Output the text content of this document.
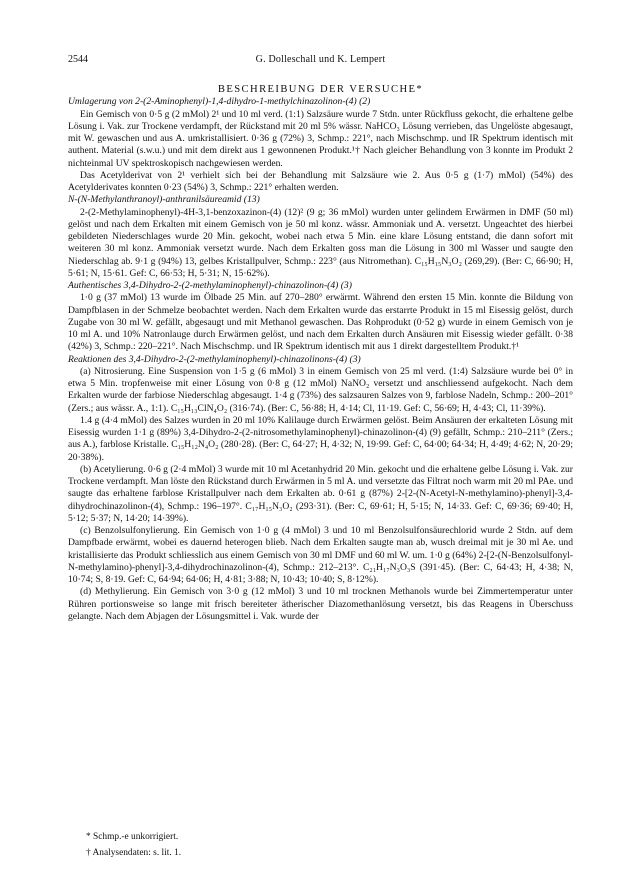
2544	G. Dolleschall und K. Lempert

BESCHREIBUNG DER VERSUCHE*

Umlagerung von 2-(2-Aminophenyl)-1,4-dihydro-1-methylchinazolinon-(4) (2)

Ein Gemisch von 0·5 g (2 mMol) 2¹ und 10 ml verd. (1:1) Salzsäure wurde 7 Stdn. unter Rückfluss gekocht, die erhaltene gelbe Lösung i. Vak. zur Trockene verdampft, der Rückstand mit 20 ml 5% wässr. NaHCO₃ Lösung verrieben, das Ungelöste abgesaugt, mit W. gewaschen und aus A. umkristallisiert. 0·36 g (72%) 3, Schmp.: 221°, nach Mischschmp. und IR Spektrum identisch mit authent. Material (s.w.u.) und mit dem direkt aus 1 gewonnenen Produkt.¹† Nach gleicher Behandlung von 3 konnte im Produkt 2 nichteinmal UV spektroskopisch nachgewiesen werden.

Das Acetylderivat von 2¹ verhielt sich bei der Behandlung mit Salzsäure wie 2. Aus 0·5 g (1·7) mMol) (54%) des Acetylderivates konnten 0·23 (54%) 3, Schmp.: 221° erhalten werden.

N-(N-Methylanthranoyl)-anthranilsäureamid (13)

2-(2-Methylaminophenyl)-4H-3,1-benzoxazinon-(4) (12)² (9 g; 36 mMol) wurden unter gelindem Erwärmen in DMF (50 ml) gelöst und nach dem Erkalten mit einem Gemisch von je 50 ml konz. wässr. Ammoniak und A. versetzt. Ungeachtet des hierbei gebildeten Niederschlages wurde 20 Min. gekocht, wobei nach etwa 5 Min. eine klare Lösung entstand, die dann sofort mit weiteren 30 ml konz. Ammoniak versetzt wurde. Nach dem Erkalten goss man die Lösung in 300 ml Wasser und saugte den Niederschlag ab. 9·1 g (94%) 13, gelbes Kristallpulver, Schmp.: 223° (aus Nitromethan). C₁₅H₁₅N₃O₂ (269,29). (Ber: C, 66·90; H, 5·61; N, 15·61. Gef: C, 66·53; H, 5·31; N, 15·62%).

Authentisches 3,4-Dihydro-2-(2-methylaminophenyl)-chinazolinon-(4) (3)

1·0 g (37 mMol) 13 wurde im Ölbade 25 Min. auf 270–280° erwärmt. Während den ersten 15 Min. konnte die Bildung von Dampfblasen in der Schmelze beobachtet werden. Nach dem Erkalten wurde das erstarrte Produkt in 15 ml Eisessig gelöst, durch Zugabe von 30 ml W. gefällt, abgesaugt und mit Methanol gewaschen. Das Rohprodukt (0·52 g) wurde in einem Gemisch von je 10 ml A. und 10% Natronlauge durch Erwärmen gelöst, und nach dem Erkalten durch Ansäuren mit Eisessig wieder gefällt. 0·38 (42%) 3, Schmp.: 220–221°. Nach Mischschmp. und IR Spektrum identisch mit aus 1 direkt dargestelltem Produkt.†¹

Reaktionen des 3,4-Dihydro-2-(2-methylaminophenyl)-chinazolinons-(4) (3)

(a) Nitrosierung. Eine Suspension von 1·5 g (6 mMol) 3 in einem Gemisch von 25 ml verd. (1:4) Salzsäure wurde bei 0° in etwa 5 Min. tropfenweise mit einer Lösung von 0·8 g (12 mMol) NaNO₂ versetzt und anschliessend aufgekocht. Nach dem Erkalten wurde der farbiose Niederschlag abgesaugt. 1·4 g (73%) des salzsauren Salzes von 9, farblose Nadeln, Schmp.: 200–201° (Zers.; aus wässr. A., 1:1). C₁₅H₁₃ClN₄O₂ (316·74). (Ber: C, 56·88; H, 4·14; Cl, 11·19. Gef: C, 56·69; H, 4·43; Cl, 11·39%).

1.4 g (4·4 mMol) des Salzes wurden in 20 ml 10% Kalilauge durch Erwärmen gelöst. Beim Ansäuren der erkalteten Lösung mit Eisessig wurden 1·1 g (89%) 3,4-Dihydro-2-(2-nitrosomethylaminophenyl)-chinazolinon-(4) (9) gefällt, Schmp.: 210–211° (Zers.; aus A.), farblose Kristalle. C₁₅H₁₂N₄O₂ (280·28). (Ber: C, 64·27; H, 4·32; N, 19·99. Gef: C, 64·00; 64·34; H, 4·49; 4·62; N, 20·29; 20·38%).

(b) Acetylierung. 0·6 g (2·4 mMol) 3 wurde mit 10 ml Acetanhydrid 20 Min. gekocht und die erhaltene gelbe Lösung i. Vak. zur Trockene verdampft. Man löste den Rückstand durch Erwärmen in 5 ml A. und versetzte das Filtrat noch warm mit 20 ml PAe. und saugte das erhaltene farblose Kristallpulver nach dem Erkalten ab. 0·61 g (87%) 2-[2-(N-Acetyl-N-methylamino)-phenyl]-3,4-dihydrochinazolinon-(4), Schmp.: 196–197°. C₁₇H₁₅N₃O₂ (293·31). (Ber: C, 69·61; H, 5·15; N, 14·33. Gef: C, 69·36; 69·40; H, 5·12; 5·37; N, 14·20; 14·39%).

(c) Benzolsulfonylierung. Ein Gemisch von 1·0 g (4 mMol) 3 und 10 ml Benzolsulfonsäurechlorid wurde 2 Stdn. auf dem Dampfbade erwärmt, wobei es dauernd heterogen blieb. Nach dem Erkalten saugte man ab, wusch dreimal mit je 30 ml Ae. und kristallisierte das Produkt schliesslich aus einem Gemisch von 30 ml DMF und 60 ml W. um. 1·0 g (64%) 2-[2-(N-Benzolsulfonyl-N-methylamino)-phenyl]-3,4-dihydrochinazolinon-(4), Schmp.: 212–213°. C₂₁H₁₇N₃O₃S (391·45). (Ber: C, 64·43; H, 4·38; N, 10·74; S, 8·19. Gef: C, 64·94; 64·06; H, 4·81; 3·88; N, 10·43; 10·40; S, 8·12%).

(d) Methylierung. Ein Gemisch von 3·0 g (12 mMol) 3 und 10 ml trocknen Methanols wurde bei Zimmertemperatur unter Rühren portionsweise so lange mit frisch bereiteter ätherischer Diazomethanlösung versetzt, bis das Reagens in Überschuss gelangte. Nach dem Abjagen der Lösungsmittel i. Vak. wurde der

* Schmp.-e unkorrigiert.

† Analysendaten: s. lit. 1.
